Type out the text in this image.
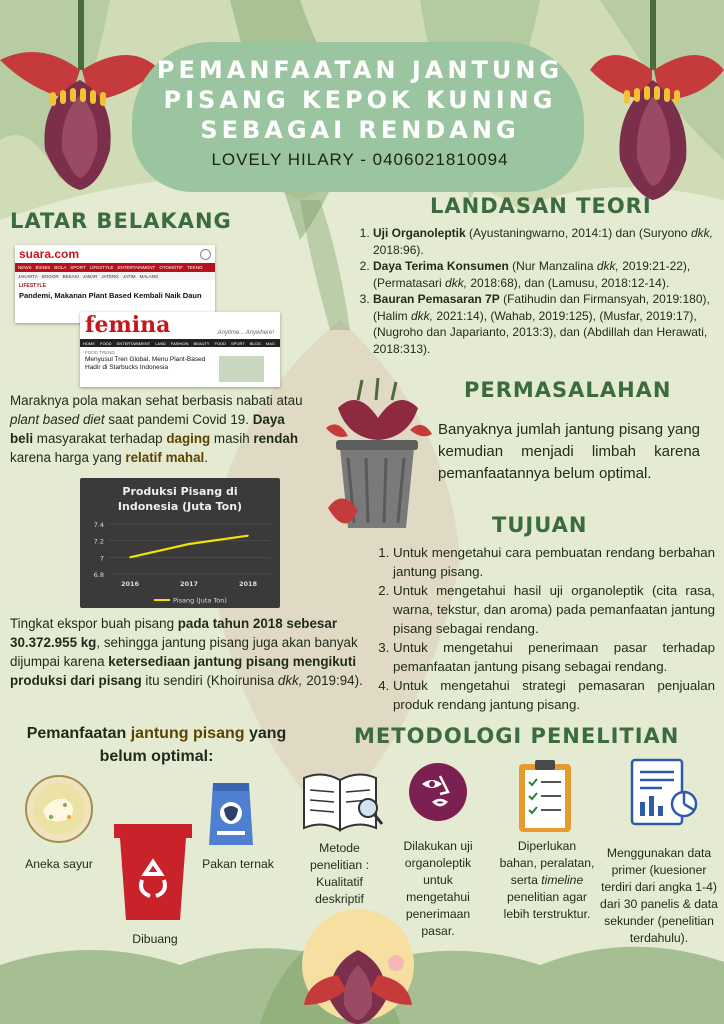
PEMANFAATAN JANTUNG PISANG KEPOK KUNING SEBAGAI RENDANG
LOVELY HILARY - 0406021810094
LATAR BELAKANG
suara.com
NEWS BISNIS BOLA SPORT LIFESTYLE ENTERTAINMENT OTOMOTIF TEKNO
JAKARTA BOGOR BEKASI JABAR JATENG JATIM MALANG
LIFESTYLE
Pandemi, Makanan Plant Based Kembali Naik Daun
femina	Anytime... Anywhere!
HOME FOOD ENTERTAINMENT LAND FASHION BEAUTY FOOD SPORT BLOG MAG
FOOD TREND
Menyusul Tren Global, Menu Plant-Based Hadir di Starbucks Indonesia
Maraknya pola makan sehat berbasis nabati atau plant based diet saat pandemi Covid 19. Daya beli masyarakat terhadap daging masih rendah karena harga yang relatif mahal.
Produksi Pisang di
Indonesia (Juta Ton)
6.8
7
7.2
7.4
2016	2017	2018
Pisang (Juta Ton)
Tingkat ekspor buah pisang pada tahun 2018 sebesar 30.372.955 kg, sehingga jantung pisang juga akan banyak dijumpai karena ketersediaan jantung pisang mengikuti produksi dari pisang itu sendiri (Khoirunisa dkk, 2019:94).
Pemanfaatan jantung pisang yang belum optimal:
Aneka sayur
Dibuang
Pakan ternak
LANDASAN TEORI
1. Uji Organoleptik (Ayustaningwarno, 2014:1) dan (Suryono dkk, 2018:96).
2. Daya Terima Konsumen (Nur Manzalina dkk, 2019:21-22), (Permatasari dkk, 2018:68), dan (Lamusu, 2018:12-14).
3. Bauran Pemasaran 7P (Fatihudin dan Firmansyah, 2019:180), (Halim dkk, 2021:14), (Wahab, 2019:125), (Musfar, 2019:17), (Nugroho dan Japarianto, 2013:3), dan (Abdillah dan Herawati, 2018:313).
PERMASALAHAN
Banyaknya jumlah jantung pisang yang kemudian menjadi limbah karena pemanfaatannya belum optimal.
TUJUAN
1. Untuk mengetahui cara pembuatan rendang berbahan jantung pisang.
2. Untuk mengetahui hasil uji organoleptik (cita rasa, warna, tekstur, dan aroma) pada pemanfaatan jantung pisang sebagai rendang.
3. Untuk mengetahui penerimaan pasar terhadap pemanfaatan jantung pisang sebagai rendang.
4. Untuk mengetahui strategi pemasaran penjualan produk rendang jantung pisang.
METODOLOGI PENELITIAN
Metode penelitian : Kualitatif deskriptif
Dilakukan uji organoleptik untuk mengetahui penerimaan pasar.
Diperlukan bahan, peralatan, serta timeline penelitian agar lebih terstruktur.
Menggunakan data primer (kuesioner terdiri dari angka 1-4) dari 30 panelis & data sekunder (penelitian terdahulu).
